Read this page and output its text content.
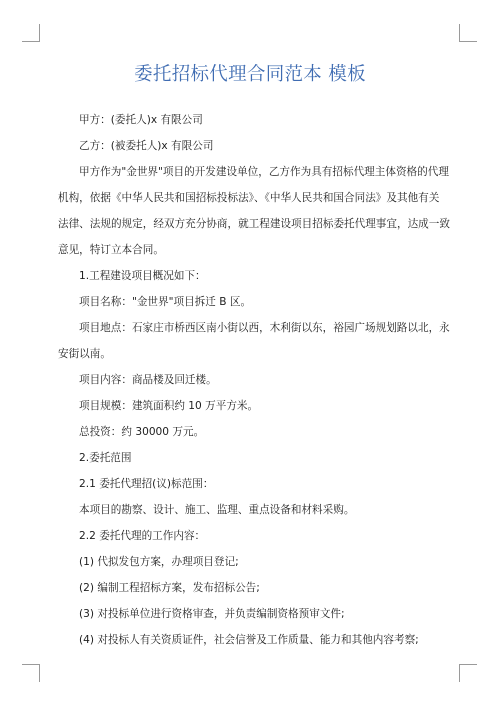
委托招标代理合同范本 模板
甲方：(委托人)x 有限公司
乙方：(被委托人)x 有限公司
甲方作为"金世界"项目的开发建设单位，乙方作为具有招标代理主体资格的代理
机构，依据《中华人民共和国招标投标法》、《中华人民共和国合同法》及其他有关
法律、法规的规定，经双方充分协商，就工程建设项目招标委托代理事宜，达成一致
意见，特订立本合同。
1.工程建设项目概况如下：
项目名称："金世界"项目拆迁 B 区。
项目地点：石家庄市桥西区南小街以西，木利街以东，裕园广场规划路以北，永
安街以南。
项目内容：商品楼及回迁楼。
项目规模：建筑面积约 10 万平方米。
总投资：约 30000 万元。
2.委托范围
2.1 委托代理招(议)标范围：
本项目的勘察、设计、施工、监理、重点设备和材料采购。
2.2 委托代理的工作内容：
(1) 代拟发包方案，办理项目登记;
(2) 编制工程招标方案，发布招标公告;
(3) 对投标单位进行资格审查，并负责编制资格预审文件;
(4) 对投标人有关资质证件，社会信誉及工作质量、能力和其他内容考察;
